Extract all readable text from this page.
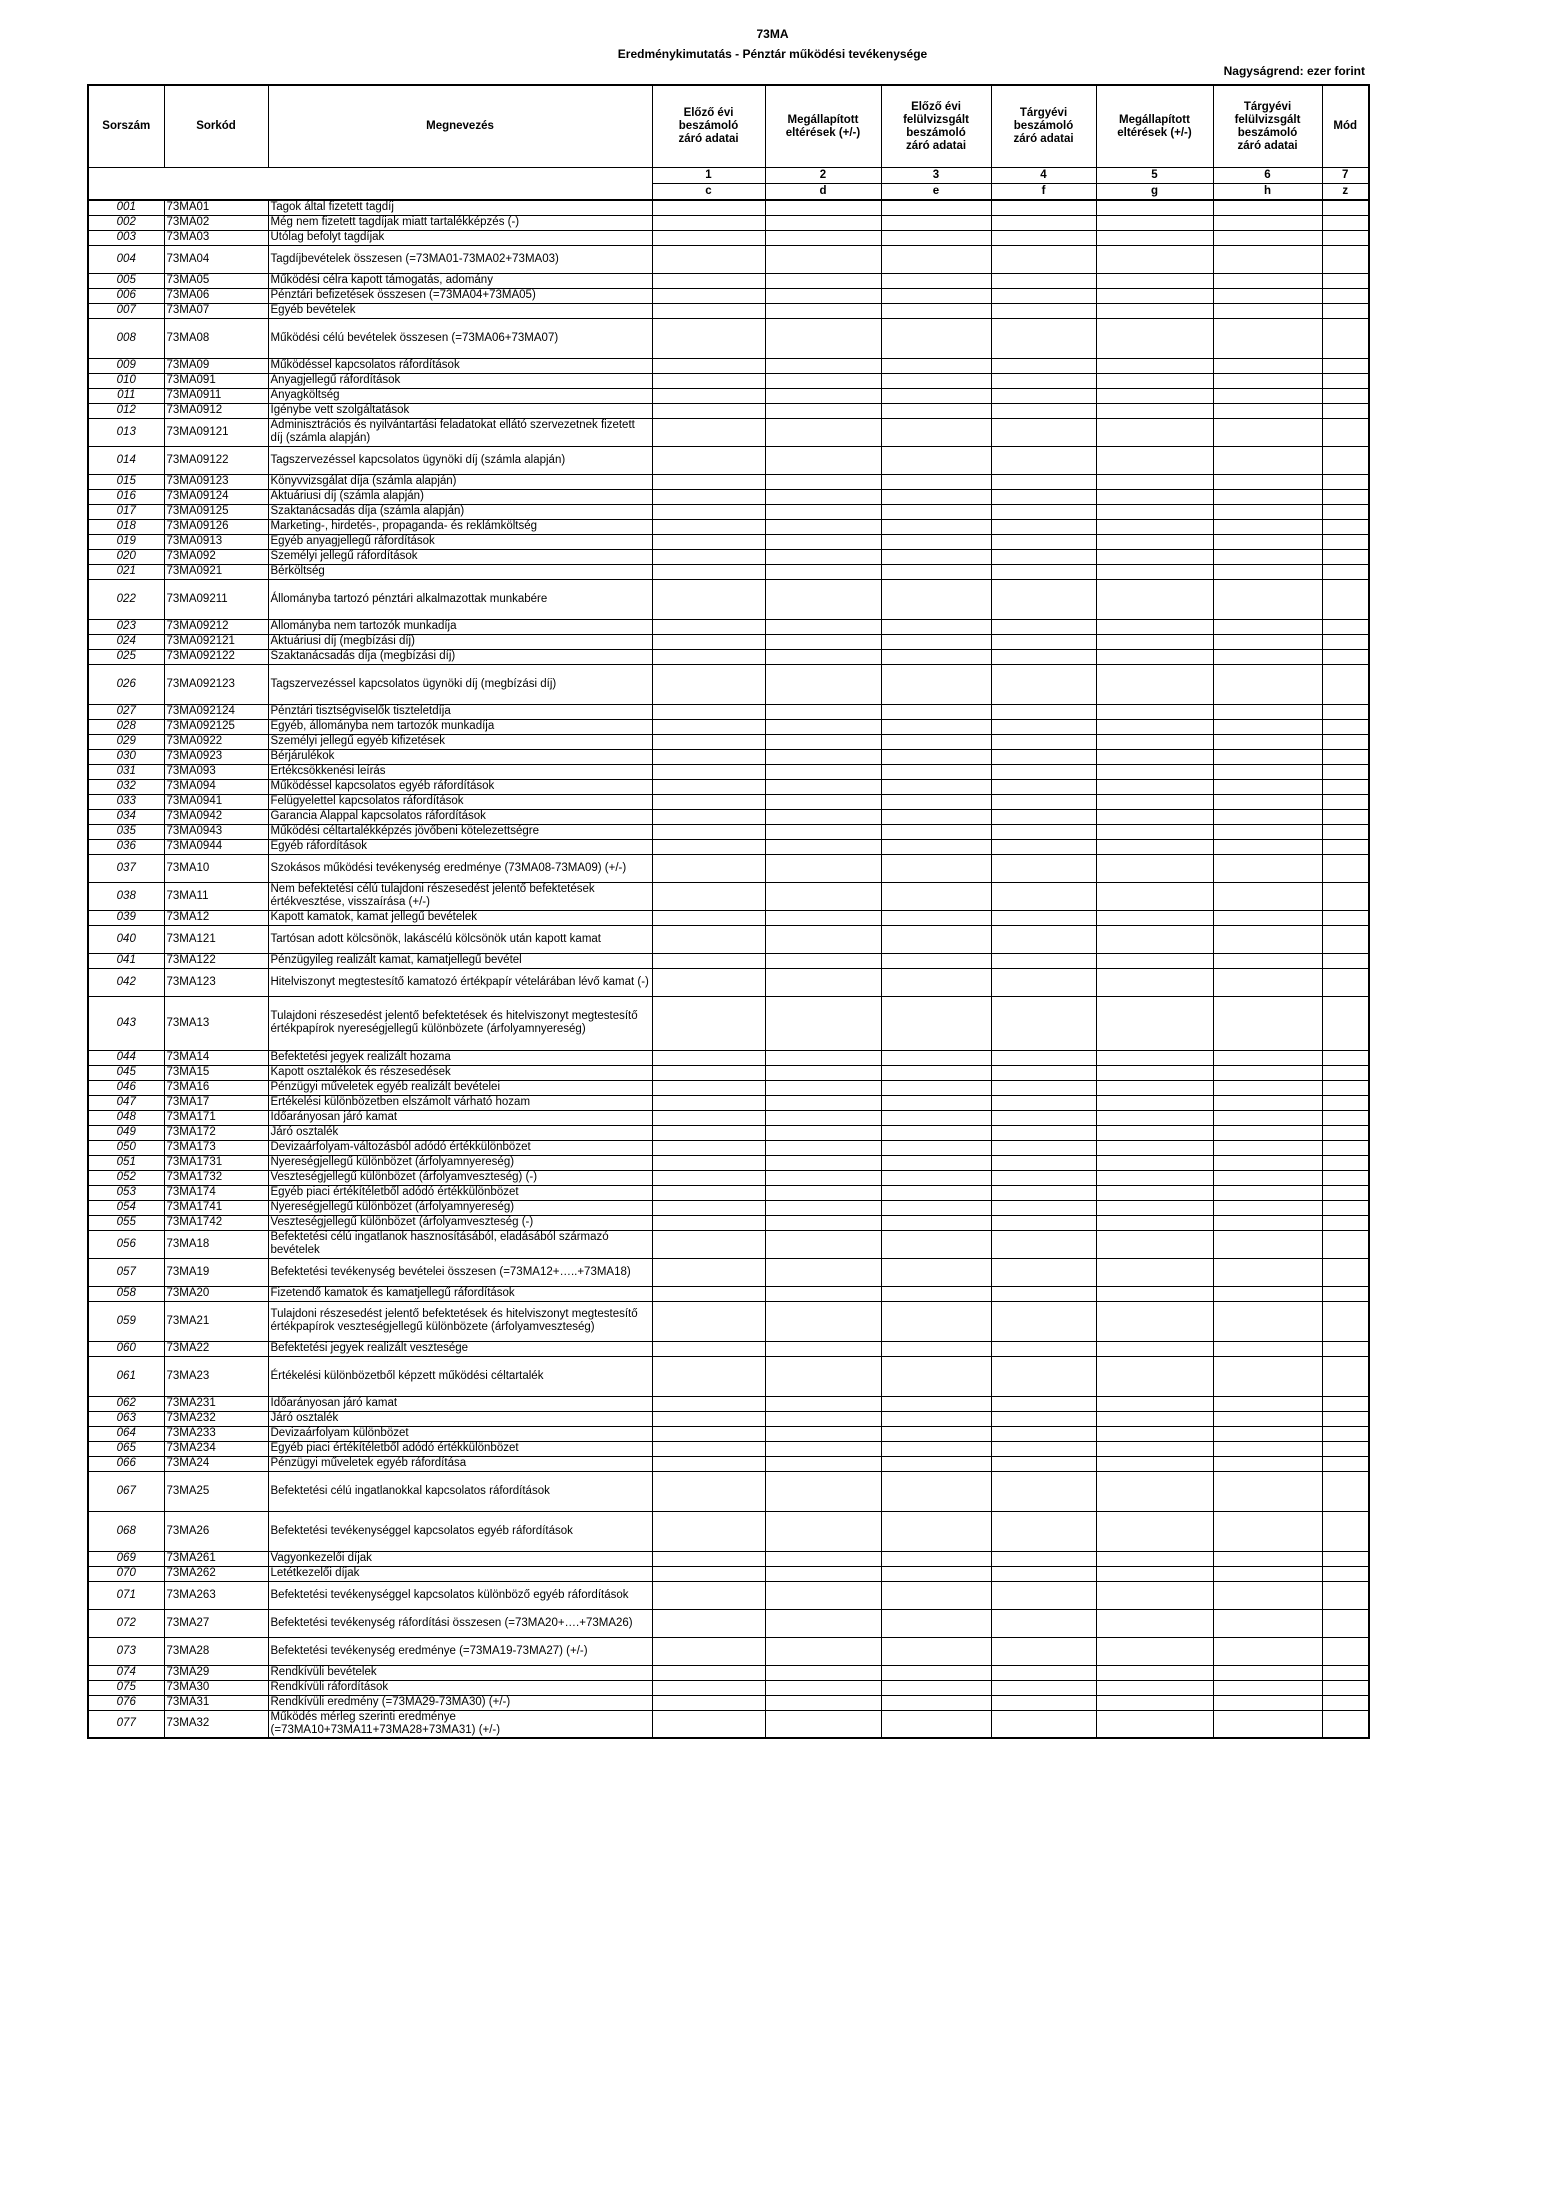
73MA
Eredménykimutatás - Pénztár működési tevékenysége
Nagyságrend: ezer forint
Sorszám	Sorkód	Megnevezés	Előző évi
beszámoló
záró adatai	Megállapított
eltérések (+/-)	Előző évi
felülvizsgált
beszámoló
záró adatai	Tárgyévi
beszámoló
záró adatai	Megállapított
eltérések (+/-)	Tárgyévi
felülvizsgált
beszámoló
záró adatai	Mód
			1	2	3	4	5	6	7
			c	d	e	f	g	h	z
001	73MA01	Tagok által fizetett tagdíj							
002	73MA02	Még nem fizetett tagdíjak miatt tartalékképzés (-)							
003	73MA03	Utólag befolyt tagdíjak							
004	73MA04	Tagdíjbevételek összesen (=73MA01-73MA02+73MA03)							
005	73MA05	Működési célra kapott támogatás, adomány							
006	73MA06	Pénztári befizetések összesen (=73MA04+73MA05)							
007	73MA07	Egyéb bevételek							
008	73MA08	Működési célú bevételek összesen (=73MA06+73MA07)							
009	73MA09	Működéssel kapcsolatos ráfordítások							
010	73MA091	Anyagjellegű ráfordítások							
011	73MA0911	Anyagköltség							
012	73MA0912	Igénybe vett szolgáltatások							
013	73MA09121	Adminisztrációs és nyilvántartási feladatokat ellátó szervezetnek fizetett díj (számla alapján)							
014	73MA09122	Tagszervezéssel kapcsolatos ügynöki díj (számla alapján)							
015	73MA09123	Könyvvizsgálat díja (számla alapján)							
016	73MA09124	Aktuáriusi díj (számla alapján)							
017	73MA09125	Szaktanácsadás díja (számla alapján)							
018	73MA09126	Marketing-, hirdetés-, propaganda- és reklámköltség							
019	73MA0913	Egyéb anyagjellegű ráfordítások							
020	73MA092	Személyi jellegű ráfordítások							
021	73MA0921	Bérköltség							
022	73MA09211	Állományba tartozó pénztári alkalmazottak munkabére							
023	73MA09212	Állományba nem tartozók munkadíja							
024	73MA092121	Aktuáriusi díj (megbízási díj)							
025	73MA092122	Szaktanácsadás díja (megbízási díj)							
026	73MA092123	Tagszervezéssel kapcsolatos ügynöki díj (megbízási díj)							
027	73MA092124	Pénztári tisztségviselők tiszteletdíja							
028	73MA092125	Egyéb, állományba nem tartozók munkadíja							
029	73MA0922	Személyi jellegű egyéb kifizetések							
030	73MA0923	Bérjárulékok							
031	73MA093	Értékcsökkenési leírás							
032	73MA094	Működéssel kapcsolatos egyéb ráfordítások							
033	73MA0941	Felügyelettel kapcsolatos ráfordítások							
034	73MA0942	Garancia Alappal kapcsolatos ráfordítások							
035	73MA0943	Működési céltartalékképzés jövőbeni kötelezettségre							
036	73MA0944	Egyéb ráfordítások							
037	73MA10	Szokásos működési tevékenység eredménye (73MA08-73MA09) (+/-)							
038	73MA11	Nem befektetési célú tulajdoni részesedést jelentő befektetések értékvesztése, visszaírása (+/-)							
039	73MA12	Kapott kamatok, kamat jellegű bevételek							
040	73MA121	Tartósan adott kölcsönök, lakáscélú kölcsönök után kapott kamat							
041	73MA122	Pénzügyileg realizált kamat, kamatjellegű bevétel							
042	73MA123	Hitelviszonyt megtestesítő kamatozó értékpapír vételárában lévő kamat (-)							
043	73MA13	Tulajdoni részesedést jelentő befektetések és hitelviszonyt megtestesítő értékpapírok nyereségjellegű különbözete (árfolyamnyereség)							
044	73MA14	Befektetési jegyek realizált hozama							
045	73MA15	Kapott osztalékok és részesedések							
046	73MA16	Pénzügyi műveletek egyéb realizált bevételei							
047	73MA17	Értékelési különbözetben elszámolt várható hozam							
048	73MA171	Időarányosan járó kamat							
049	73MA172	Járó osztalék							
050	73MA173	Devizaárfolyam-változásból adódó értékkülönbözet							
051	73MA1731	Nyereségjellegű különbözet (árfolyamnyereség)							
052	73MA1732	Veszteségjellegű különbözet (árfolyamveszteség) (-)							
053	73MA174	Egyéb piaci értékítéletből adódó értékkülönbözet							
054	73MA1741	Nyereségjellegű különbözet (árfolyamnyereség)							
055	73MA1742	Veszteségjellegű különbözet (árfolyamveszteség (-)							
056	73MA18	Befektetési célú ingatlanok hasznosításából, eladásából származó bevételek							
057	73MA19	Befektetési tevékenység bevételei összesen (=73MA12+…..+73MA18)							
058	73MA20	Fizetendő kamatok és kamatjellegű ráfordítások							
059	73MA21	Tulajdoni részesedést jelentő befektetések és hitelviszonyt megtestesítő értékpapírok veszteségjellegű különbözete (árfolyamveszteség)							
060	73MA22	Befektetési jegyek realizált vesztesége							
061	73MA23	Értékelési különbözetből képzett működési céltartalék							
062	73MA231	Időarányosan járó kamat							
063	73MA232	Járó osztalék							
064	73MA233	Devizaárfolyam különbözet							
065	73MA234	Egyéb piaci értékítéletből adódó értékkülönbözet							
066	73MA24	Pénzügyi műveletek egyéb ráfordítása							
067	73MA25	Befektetési célú ingatlanokkal kapcsolatos ráfordítások							
068	73MA26	Befektetési tevékenységgel kapcsolatos egyéb ráfordítások							
069	73MA261	Vagyonkezelői díjak							
070	73MA262	Letétkezelői díjak							
071	73MA263	Befektetési tevékenységgel kapcsolatos különböző egyéb ráfordítások							
072	73MA27	Befektetési tevékenység ráfordítási összesen (=73MA20+….+73MA26)							
073	73MA28	Befektetési tevékenység eredménye (=73MA19-73MA27) (+/-)							
074	73MA29	Rendkívüli bevételek							
075	73MA30	Rendkívüli ráfordítások							
076	73MA31	Rendkívüli eredmény (=73MA29-73MA30) (+/-)							
077	73MA32	Működés mérleg szerinti eredménye (=73MA10+73MA11+73MA28+73MA31) (+/-)							
